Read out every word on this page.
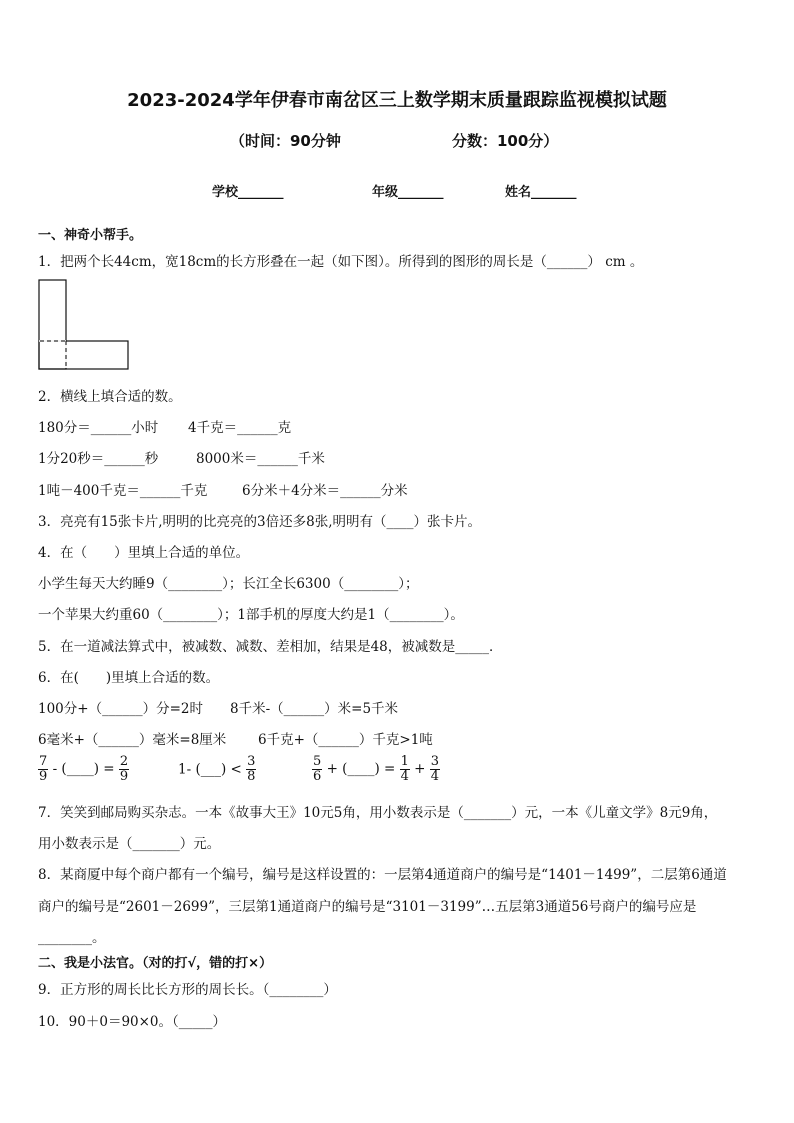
2023-2024学年伊春市南岔区三上数学期末质量跟踪监视模拟试题
（时间：90分钟	分数：100分）
学校_______	年级_______	姓名_______
一、神奇小帮手。
1．把两个长44cm，宽18cm的长方形叠在一起（如下图）。所得到的图形的周长是（______） cm 。
2．横线上填合适的数。
180分＝______小时 4千克＝______克
1分20秒＝______秒	8000米＝______千米
1吨－400千克＝______千克	6分米＋4分米＝______分米
3．亮亮有15张卡片,明明的比亮亮的3倍还多8张,明明有（____）张卡片。
4．在（　　）里填上合适的单位。
小学生每天大约睡9（________）；长江全长6300（________）；
一个苹果大约重60（________）；1部手机的厚度大约是1（________）。
5．在一道减法算式中，被减数、减数、差相加，结果是48，被减数是_____．
6．在(　　)里填上合适的数。
100分+（______）分=2时 8千米-（______）米=5千米
6毫米+（______）毫米=8厘米 6千克+（______）千克>1吨
$\frac{7}{9}$ - (____) = $\frac{2}{9}$	1- (___) < $\frac{3}{8}$	$\frac{5}{6}$ + (____) = $\frac{1}{4} + \frac{3}{4}$
7．笑笑到邮局购买杂志。一本《故事大王》10元5角，用小数表示是（_______）元，一本《儿童文学》8元9角，
用小数表示是（_______）元。
8．某商厦中每个商户都有一个编号，编号是这样设置的：一层第4通道商户的编号是“1401－1499”，二层第6通道
商户的编号是“2601－2699”，三层第1通道商户的编号是“3101－3199”…五层第3通道56号商户的编号应是
________。
二、我是小法官。（对的打√，错的打×）
9．正方形的周长比长方形的周长长。（________）
10．90＋0＝90×0。（_____）
